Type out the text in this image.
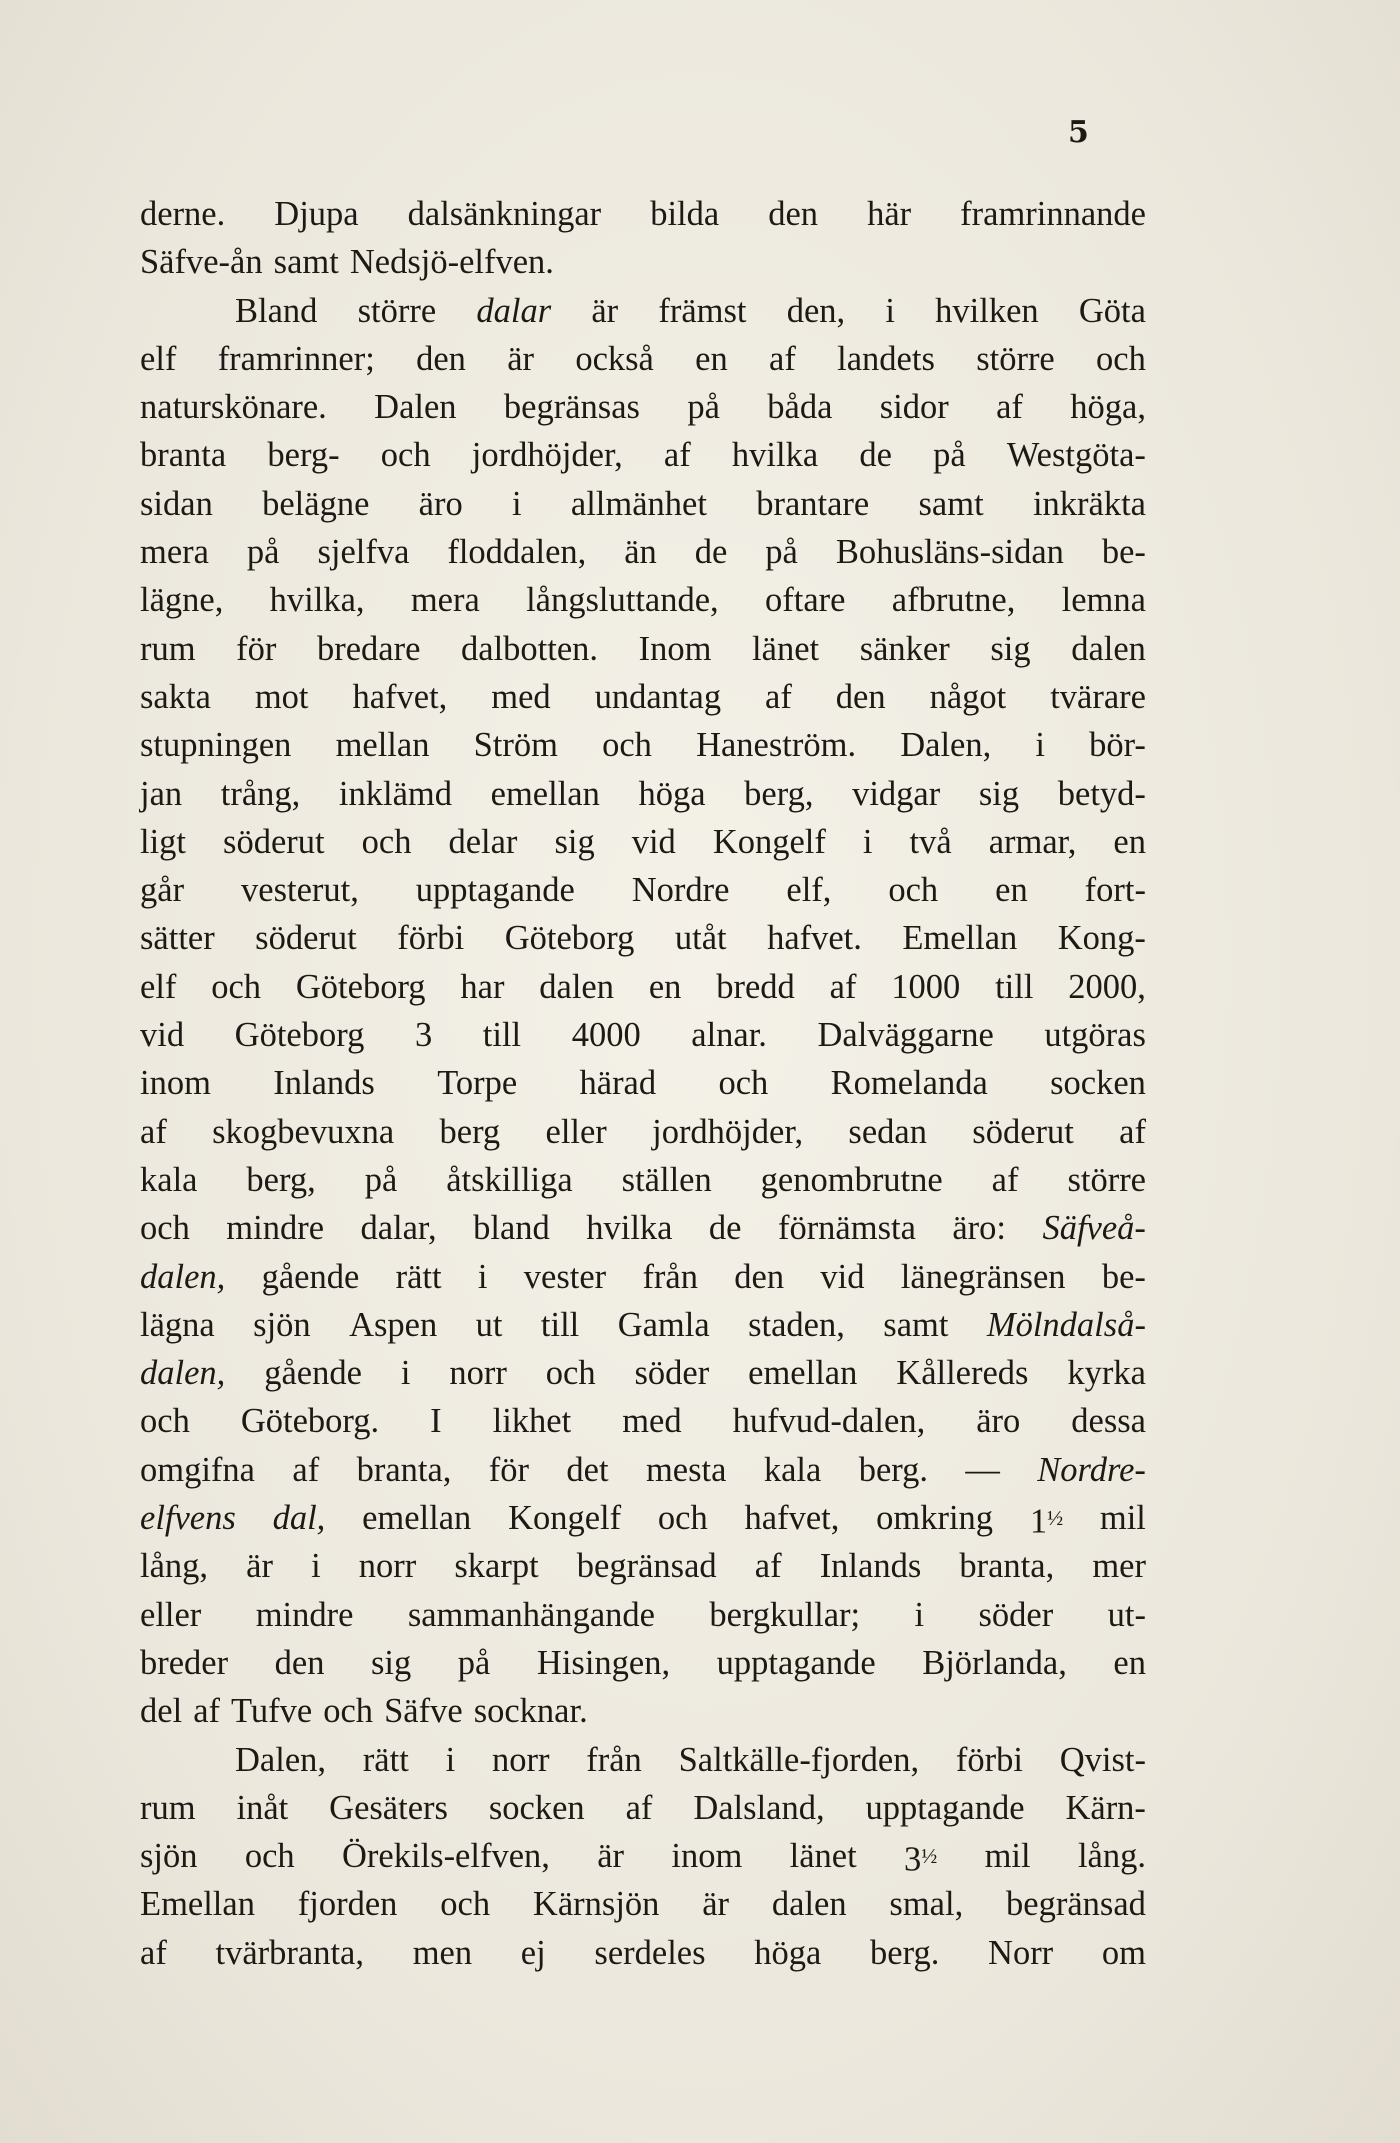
5
derne. Djupa dalsänkningar bilda den här framrinnande
Säfve-ån samt Nedsjö-elfven.
Bland större dalar är främst den, i hvilken Göta
elf framrinner; den är också en af landets större och
naturskönare. Dalen begränsas på båda sidor af höga,
branta berg- och jordhöjder, af hvilka de på Westgöta-
sidan belägne äro i allmänhet brantare samt inkräkta
mera på sjelfva floddalen, än de på Bohusläns-sidan be-
lägne, hvilka, mera långsluttande, oftare afbrutne, lemna
rum för bredare dalbotten. Inom länet sänker sig dalen
sakta mot hafvet, med undantag af den något tvärare
stupningen mellan Ström och Haneström. Dalen, i bör-
jan trång, inklämd emellan höga berg, vidgar sig betyd-
ligt söderut och delar sig vid Kongelf i två armar, en
går vesterut, upptagande Nordre elf, och en fort-
sätter söderut förbi Göteborg utåt hafvet. Emellan Kong-
elf och Göteborg har dalen en bredd af 1000 till 2000,
vid Göteborg 3 till 4000 alnar. Dalväggarne utgöras
inom Inlands Torpe härad och Romelanda socken
af skogbevuxna berg eller jordhöjder, sedan söderut af
kala berg, på åtskilliga ställen genombrutne af större
och mindre dalar, bland hvilka de förnämsta äro: Säfveå-
dalen, gående rätt i vester från den vid länegränsen be-
lägna sjön Aspen ut till Gamla staden, samt Mölndalså-
dalen, gående i norr och söder emellan Kållereds kyrka
och Göteborg. I likhet med hufvud-dalen, äro dessa
omgifna af branta, för det mesta kala berg. — Nordre-
elfvens dal, emellan Kongelf och hafvet, omkring $1^{\frac{1}{2}}$ mil
lång, är i norr skarpt begränsad af Inlands branta, mer
eller mindre sammanhängande bergkullar; i söder ut-
breder den sig på Hisingen, upptagande Björlanda, en
del af Tufve och Säfve socknar.
Dalen, rätt i norr från Saltkälle-fjorden, förbi Qvist-
rum inåt Gesäters socken af Dalsland, upptagande Kärn-
sjön och Örekils-elfven, är inom länet $3^{\frac{1}{2}}$ mil lång.
Emellan fjorden och Kärnsjön är dalen smal, begränsad
af tvärbranta, men ej serdeles höga berg. Norr om
